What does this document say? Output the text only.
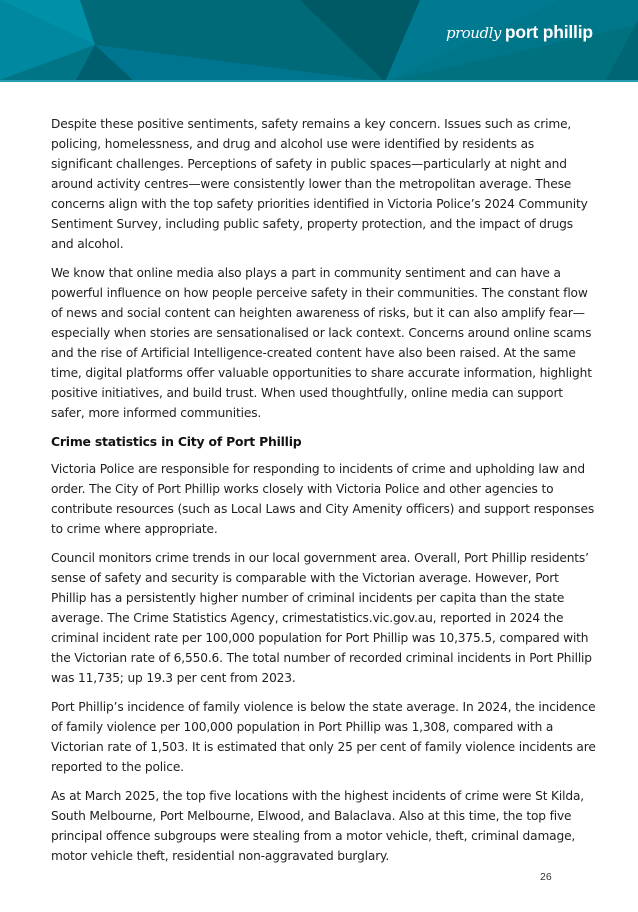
proudly port phillip

Despite these positive sentiments, safety remains a key concern. Issues such as crime, policing, homelessness, and drug and alcohol use were identified by residents as significant challenges. Perceptions of safety in public spaces—particularly at night and around activity centres—were consistently lower than the metropolitan average. These concerns align with the top safety priorities identified in Victoria Police’s 2024 Community Sentiment Survey, including public safety, property protection, and the impact of drugs and alcohol.

We know that online media also plays a part in community sentiment and can have a powerful influence on how people perceive safety in their communities. The constant flow of news and social content can heighten awareness of risks, but it can also amplify fear—especially when stories are sensationalised or lack context. Concerns around online scams and the rise of Artificial Intelligence-created content have also been raised. At the same time, digital platforms offer valuable opportunities to share accurate information, highlight positive initiatives, and build trust. When used thoughtfully, online media can support safer, more informed communities.

Crime statistics in City of Port Phillip

Victoria Police are responsible for responding to incidents of crime and upholding law and order. The City of Port Phillip works closely with Victoria Police and other agencies to contribute resources (such as Local Laws and City Amenity officers) and support responses to crime where appropriate.

Council monitors crime trends in our local government area. Overall, Port Phillip residents’ sense of safety and security is comparable with the Victorian average. However, Port Phillip has a persistently higher number of criminal incidents per capita than the state average. The Crime Statistics Agency, crimestatistics.vic.gov.au, reported in 2024 the criminal incident rate per 100,000 population for Port Phillip was 10,375.5, compared with the Victorian rate of 6,550.6. The total number of recorded criminal incidents in Port Phillip was 11,735; up 19.3 per cent from 2023.

Port Phillip’s incidence of family violence is below the state average. In 2024, the incidence of family violence per 100,000 population in Port Phillip was 1,308, compared with a Victorian rate of 1,503. It is estimated that only 25 per cent of family violence incidents are reported to the police.

As at March 2025, the top five locations with the highest incidents of crime were St Kilda, South Melbourne, Port Melbourne, Elwood, and Balaclava. Also at this time, the top five principal offence subgroups were stealing from a motor vehicle, theft, criminal damage, motor vehicle theft, residential non-aggravated burglary.

26
